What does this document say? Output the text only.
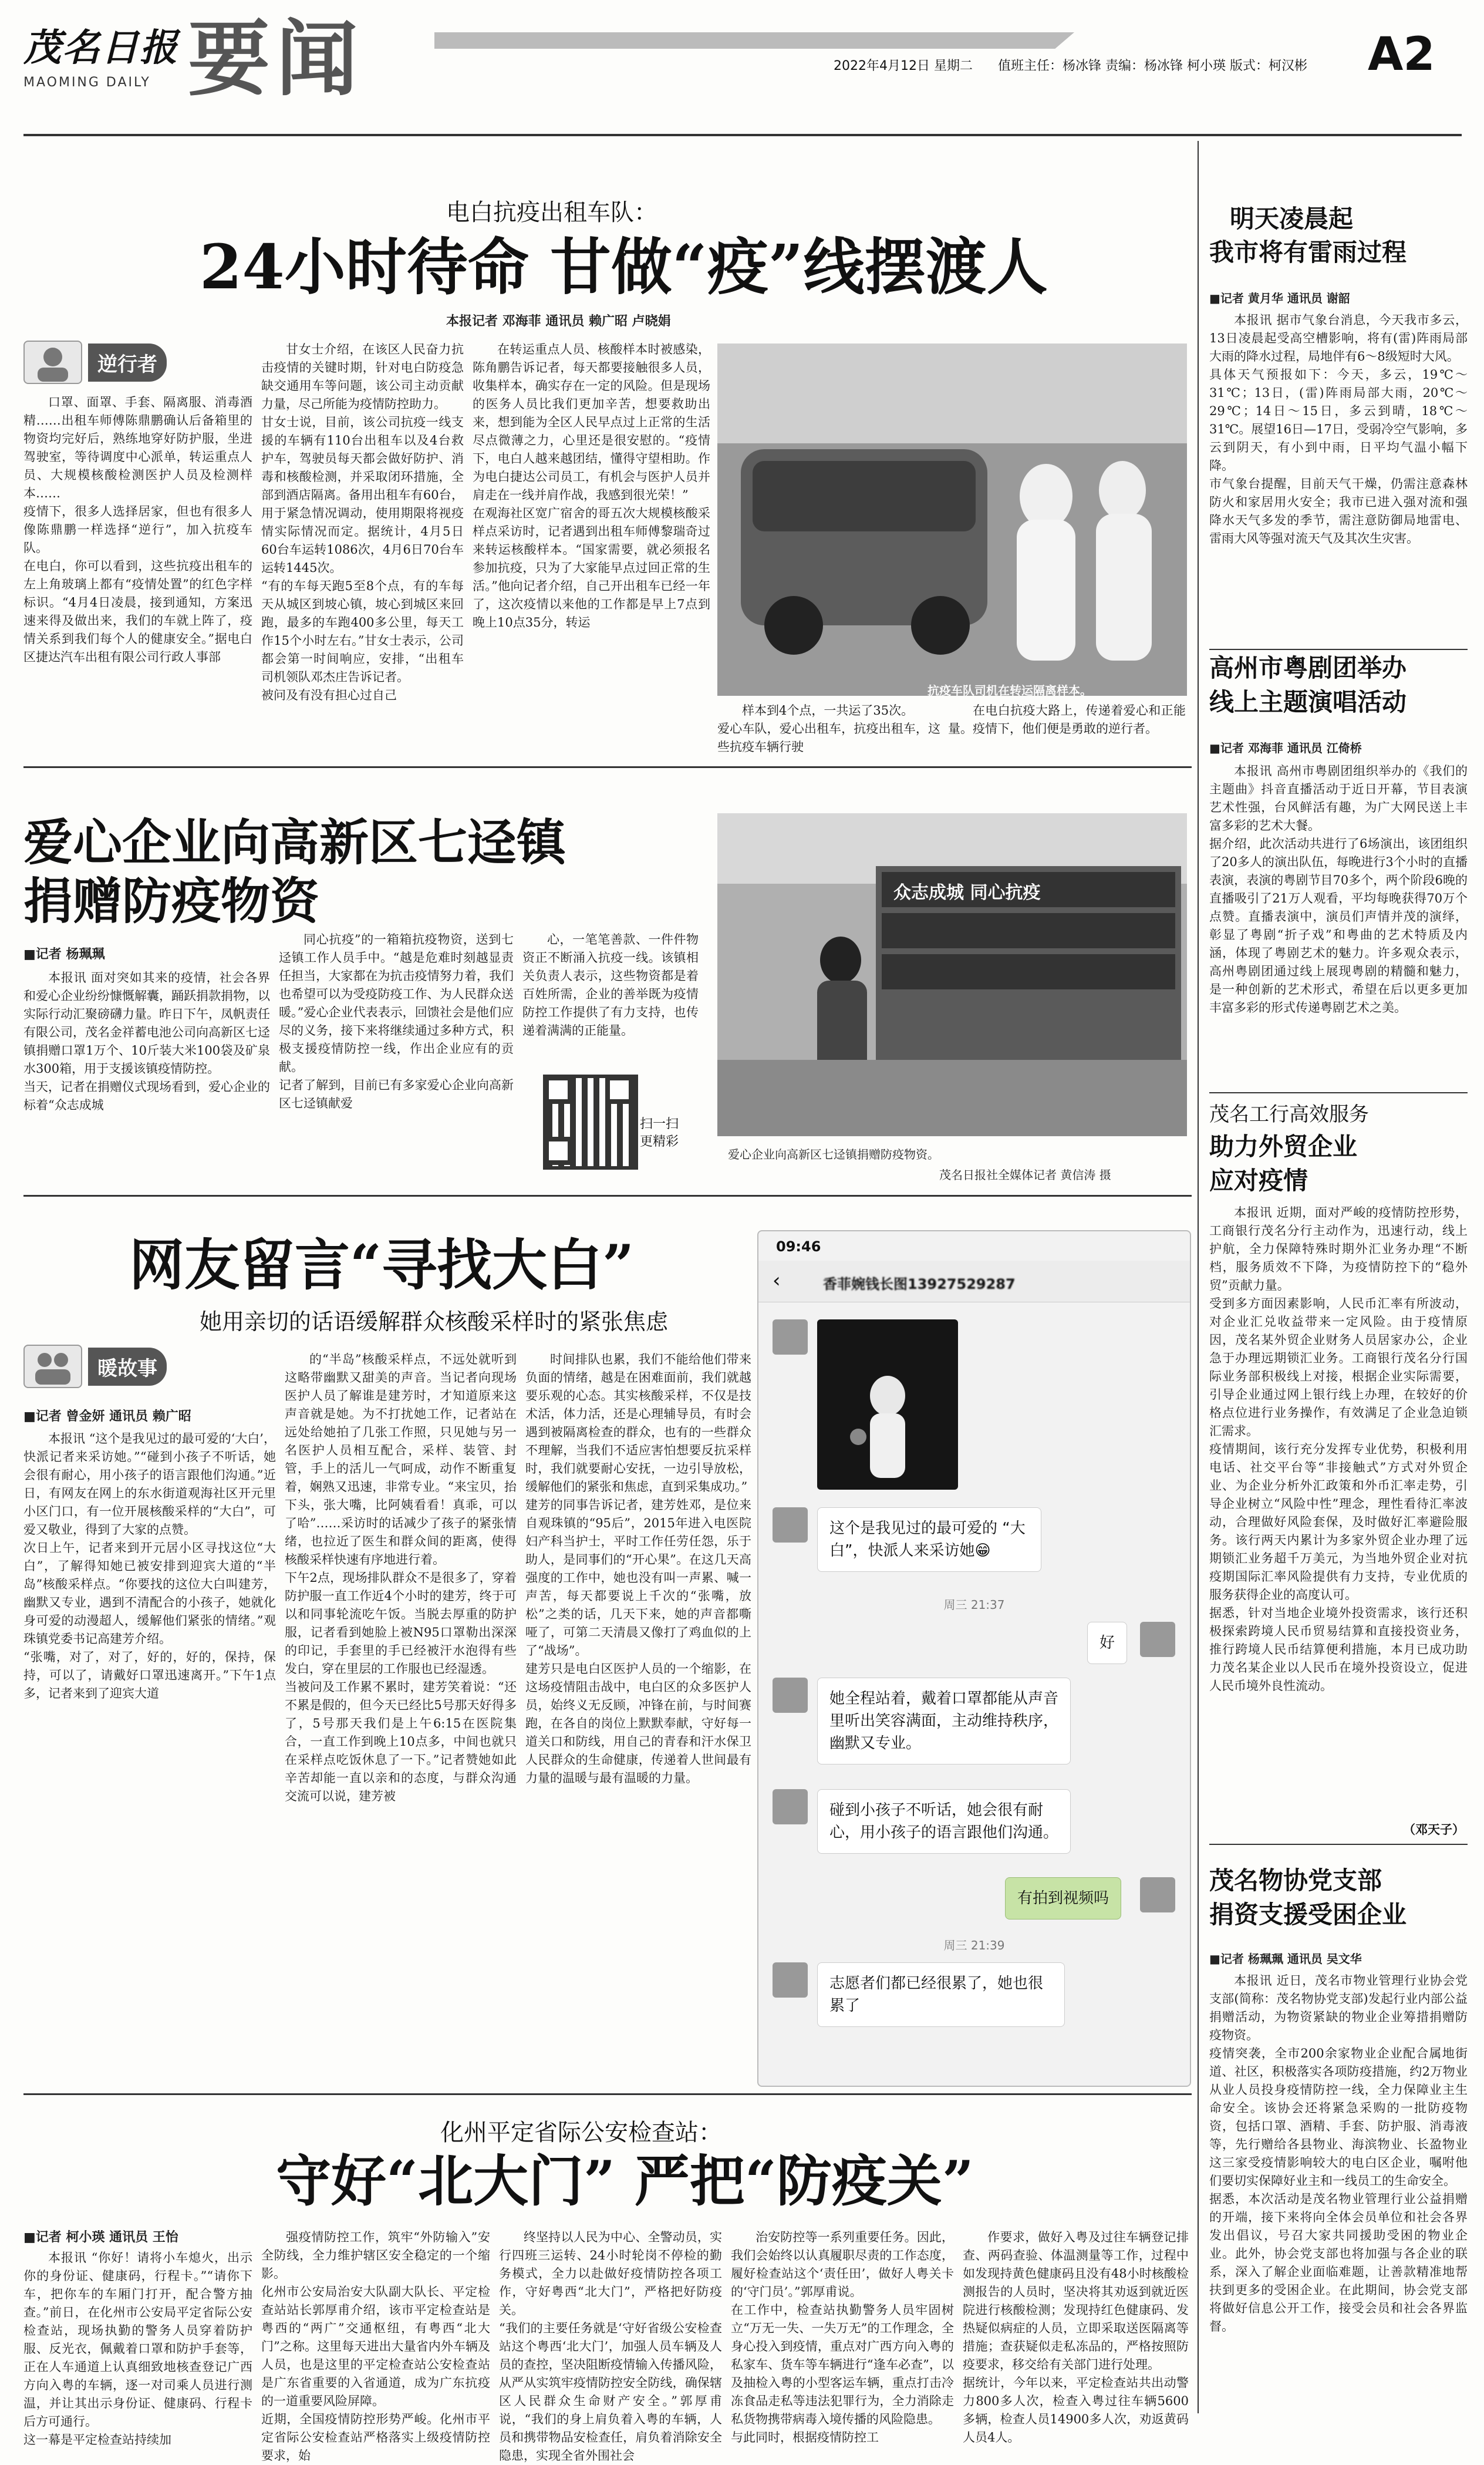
茂名日报
MAOMING DAILY 要闻	2022年4月12日 星期二 值班主任：杨冰锋 责编：杨冰锋 柯小瑛 版式：柯汉彬 A2
电白抗疫出租车队：
24小时待命 甘做“疫”线摆渡人
本报记者 邓海菲 通讯员 赖广昭 卢晓娟
逆行者

口罩、面罩、手套、隔离服、消毒酒精……出租车师傅陈鼎鹏确认后备箱里的物资均完好后，熟练地穿好防护服，坐进驾驶室，等待调度中心派单，转运重点人员、大规模核酸检测医护人员及检测样本……
疫情下，很多人选择居家，但也有很多人像陈鼎鹏一样选择“逆行”，加入抗疫车队。
在电白，你可以看到，这些抗疫出租车的左上角玻璃上都有“疫情处置”的红色字样标识。“4月4日凌晨，接到通知，方案迅速来得及做出来，我们的车就上阵了，疫情关系到我们每个人的健康安全。”据电白区捷达汽车出租有限公司行政人事部

甘女士介绍，在该区人民奋力抗击疫情的关键时期，针对电白防疫急缺交通用车等问题，该公司主动贡献力量，尽己所能为疫情防控助力。
甘女士说，目前，该公司抗疫一线支援的车辆有110台出租车以及4台救护车，驾驶员每天都会做好防护、消毒和核酸检测，并采取闭环措施，全部到酒店隔离。备用出租车有60台，用于紧急情况调动，使用期限将视疫情实际情况而定。据统计，4月5日60台车运转1086次，4月6日70台车运转1445次。
“有的车每天跑5至8个点，有的车每天从城区到坡心镇，坡心到城区来回跑，最多的车跑400多公里，每天工作15个小时左右。”甘女士表示，公司都会第一时间响应，安排，“出租车司机领队邓杰庄告诉记者。
被问及有没有担心过自己

在转运重点人员、核酸样本时被感染，陈角鹏告诉记者，每天都要接触很多人员，收集样本，确实存在一定的风险。但是现场的医务人员比我们更加辛苦，想要救助出来，想到能为全区人民早点过上正常的生活尽点微薄之力，心里还是很安慰的。“疫情下，电白人越来越团结，懂得守望相助。作为电白捷达公司员工，有机会与医护人员并肩走在一线并肩作战，我感到很光荣！”
在观海社区宽广宿舍的哥五次大规模核酸采样点采访时，记者遇到出租车师傅黎瑞奇过来转运核酸样本。“国家需要，就必须报名参加抗疫，只为了大家能早点过回正常的生活。”他向记者介绍，自己开出租车已经一年了，这次疫情以来他的工作都是早上7点到晚上10点35分，转运

抗疫车队司机在转运隔离样本。

样本到4个点，一共运了35次。
爱心车队，爱心出租车，抗疫出租车，这些抗疫车辆行驶

在电白抗疫大路上，传递着爱心和正能量。疫情下，他们便是勇敢的逆行者。

爱心企业向高新区七迳镇
捐赠防疫物资
■记者 杨珮珮

本报讯 面对突如其来的疫情，社会各界和爱心企业纷纷慷慨解囊，踊跃捐款捐物，以实际行动汇聚磅礴力量。昨日下午，凤帆责任有限公司，茂名金祥蓄电池公司向高新区七迳镇捐赠口罩1万个、10斤装大米100袋及矿泉水300箱，用于支援该镇疫情防控。
当天，记者在捐赠仪式现场看到，爱心企业的标着“众志成城

同心抗疫”的一箱箱抗疫物资，送到七迳镇工作人员手中。“越是危难时刻越显责任担当，大家都在为抗击疫情努力着，我们也希望可以为受疫防疫工作、为人民群众送暖。”爱心企业代表表示，回馈社会是他们应尽的义务，接下来将继续通过多种方式，积极支援疫情防控一线，作出企业应有的贡献。
记者了解到，目前已有多家爱心企业向高新区七迳镇献爱

心，一笔笔善款、一件件物资正不断涌入抗疫一线。该镇相关负责人表示，这些物资都是着百姓所需，企业的善举既为疫情防控工作提供了有力支持，也传递着满满的正能量。

扫一扫
更精彩
众志成城 同心抗疫
爱心企业向高新区七迳镇捐赠防疫物资。
茂名日报社全媒体记者 黄信涛 摄
网友留言“寻找大白”
她用亲切的话语缓解群众核酸采样时的紧张焦虑
暖故事
■记者 曾金妍 通讯员 赖广昭

本报讯 “这个是我见过的最可爱的‘大白’，快派记者来采访她。”“碰到小孩子不听话，她会很有耐心，用小孩子的语言跟他们沟通。”近日，有网友在网上的东水街道观海社区开元里小区门口，有一位开展核酸采样的“大白”，可爱又敬业，得到了大家的点赞。
次日上午，记者来到开元居小区寻找这位“大白”，了解得知她已被安排到迎宾大道的“半岛”核酸采样点。“你要找的这位大白叫建芳，幽默又专业，遇到不清配合的小孩子，她就化身可爱的动漫超人，缓解他们紧张的情绪。”观珠镇党委书记高建芳介绍。
“张嘴，对了，对了，好的，好的，保持，保持，可以了，请戴好口罩迅速离开。”下午1点多，记者来到了迎宾大道

的“半岛”核酸采样点，不远处就听到这略带幽默又甜美的声音。当记者向现场医护人员了解谁是建芳时，才知道原来这声音就是她。为不打扰她工作，记者站在远处给她拍了几张工作照，只见她与另一名医护人员相互配合，采样、装管、封管，手上的活儿一气呵成，动作不断重复着，娴熟又迅速，非常专业。“来宝贝，抬下头，张大嘴，比阿姨看看！真乖，可以了哈”……采访时的话减少了孩子的紧张情绪，也拉近了医生和群众间的距离，使得核酸采样快速有序地进行着。
下午2点，现场排队群众不是很多了，穿着防护服一直工作近4个小时的建芳，终于可以和同事轮流吃午饭。当脱去厚重的防护服，记者看到她脸上被N95口罩勒出深深的印记，手套里的手已经被汗水泡得有些发白，穿在里层的工作服也已经湿透。
当被问及工作累不累时，建芳笑着说：“还不累是假的，但今天已经比5号那天好得多了，5号那天我们是上午6:15在医院集合，一直工作到晚上10点多，中间也就只在采样点吃饭休息了一下。”记者赞她如此辛苦却能一直以亲和的态度，与群众沟通交流可以说，建芳被

时间排队也累，我们不能给他们带来负面的情绪，越是在困难面前，我们就越要乐观的心态。其实核酸采样，不仅是技术活，体力活，还是心理辅导员，有时会遇到被隔离检查的群众，也有的一些群众不理解，当我们不适应害怕想要反抗采样时，我们就要耐心安抚，一边引导放松，缓解他们的紧张和焦虑，直到采集成功。”
建芳的同事告诉记者，建芳姓邓，是位来自观珠镇的“95后”，2015年进入电医院妇产科当护士，平时工作任劳任怨，乐于助人，是同事们的“开心果”。在这几天高强度的工作中，她也没有叫一声累、喊一声苦，每天都要说上千次的“张嘴，放松”之类的话，几天下来，她的声音都嘶哑了，可第二天清晨又像打了鸡血似的上了“战场”。
建芳只是电白区医护人员的一个缩影，在这场疫情阻击战中，电白区的众多医护人员，始终义无反顾，冲锋在前，与时间赛跑，在各自的岗位上默默奉献，守好每一道关口和防线，用自己的青春和汗水保卫人民群众的生命健康，传递着人世间最有力量的温暖与最有温暖的力量。

09:46
‹	香菲婉钱长图13927529287
这个是我见过的最可爱的 “大白”，快派人来采访她😁
周三 21:37
好
她全程站着，戴着口罩都能从声音里听出笑容满面，主动维持秩序，幽默又专业。
碰到小孩子不听话，她会很有耐心，用小孩子的语言跟他们沟通。
有拍到视频吗
周三 21:39
志愿者们都已经很累了，她也很累了
化州平定省际公安检查站：
守好“北大门” 严把“防疫关”
■记者 柯小瑛 通讯员 王怡

本报讯 “你好！请将小车熄火，出示你的身份证、健康码，行程卡。”“请你下车，把你车的车厢门打开，配合警方抽查。”前日，在化州市公安局平定省际公安检查站，现场执勤的警务人员穿着防护服、反光衣，佩戴着口罩和防护手套等，正在人车通道上认真细致地核查登记广西方向入粤的车辆，逐一对司乘人员进行测温，并让其出示身份证、健康码、行程卡后方可通行。
这一幕是平定检查站持续加

强疫情防控工作，筑牢“外防输入”安全防线，全力维护辖区安全稳定的一个缩影。
化州市公安局治安大队副大队长、平定检查站站长郭厚甫介绍，该市平定检查站是粤西的“两广”交通枢纽，有粤西“北大门”之称。这里每天进出大量省内外车辆及人员，也是这里的平定检查站公安检查站是广东省重要的入省通道，成为广东抗疫的一道重要风险屏障。
近期，全国疫情防控形势严峻。化州市平定省际公安检查站严格落实上级疫情防控要求，始

终坚持以人民为中心、全警动员，实行四班三运转、24小时轮岗不停检的勤务模式，全力以赴做好疫情防控各项工作，守好粤西“北大门”，严格把好防疫关。
“我们的主要任务就是‘守好省级公安检查站这个粤西‘北大门’，加强人员车辆及人员的查控，坚决阻断疫情输入传播风险，从严从实筑牢疫情防控安全防线，确保辖区人民群众生命财产安全。”郭厚甫说，“我们的身上肩负着入粤的车辆，人员和携带物品安检查任，肩负着消除安全隐患，实现全省外围社会

治安防控等一系列重要任务。因此，我们会始终以认真履职尽责的工作态度，履好检查站这个‘责任田’，做好人粤关卡的‘守门员’。”郭厚甫说。
在工作中，检查站执勤警务人员牢固树立“万无一失、一失万无”的工作理念，全身心投入到疫情，重点对广西方向入粤的私家车、货车等车辆进行“逢车必查”，以及抽检入粤的小型客运车辆，重点打击冷冻食品走私等违法犯罪行为，全力消除走私货物携带病毒入境传播的风险隐患。
与此同时，根据疫情防控工

作要求，做好入粤及过往车辆登记排查、两码查验、体温测量等工作，过程中如发现持黄色健康码且没有48小时核酸检测报告的人员时，坚决将其劝返到就近医院进行核酸检测；发现持红色健康码、发热疑似病症的人员，立即采取送医隔离等措施；查获疑似走私冻品的，严格按照防疫要求，移交给有关部门进行处理。
据统计，今年以来，平定检查站共出动警力800多人次，检查入粤过往车辆5600多辆，检查人员14900多人次，劝返黄码人员4人。

明天凌晨起
我市将有雷雨过程
■记者 黄月华 通讯员 谢韶

本报讯 据市气象台消息，今天我市多云，13日凌晨起受高空槽影响，将有(雷)阵雨局部大雨的降水过程，局地伴有6～8级短时大风。
具体天气预报如下：今天，多云，19℃～31℃；13日，(雷)阵雨局部大雨，20℃～29℃；14日～15日，多云到晴，18℃～31℃。展望16日—17日，受弱冷空气影响，多云到阴天，有小到中雨，日平均气温小幅下降。
市气象台提醒，目前天气干燥，仍需注意森林防火和家居用火安全；我市已进入强对流和强降水天气多发的季节，需注意防御局地雷电、雷雨大风等强对流天气及其次生灾害。

高州市粤剧团举办
线上主题演唱活动
■记者 邓海菲 通讯员 江倚桥

本报讯 高州市粤剧团组织举办的《我们的主题曲》抖音直播活动于近日开幕，节目表演艺术性强，台风鲜活有趣，为广大网民送上丰富多彩的艺术大餐。
据介绍，此次活动共进行了6场演出，该团组织了20多人的演出队伍，每晚进行3个小时的直播表演，表演的粤剧节目70多个，两个阶段6晚的直播吸引了21万人观看，平均每晚获得70万个点赞。直播表演中，演员们声情并茂的演绎，彰显了粤剧“折子戏”和粤曲的艺术特质及内涵，体现了粤剧艺术的魅力。许多观众表示，高州粤剧团通过线上展现粤剧的精髓和魅力，是一种创新的艺术形式，希望在后以更多更加丰富多彩的形式传递粤剧艺术之美。

茂名工行高效服务
助力外贸企业
应对疫情

本报讯 近期，面对严峻的疫情防控形势，工商银行茂名分行主动作为，迅速行动，线上护航，全力保障特殊时期外汇业务办理“不断档，服务质效不下降，为疫情防控下的“稳外贸”贡献力量。
受到多方面因素影响，人民币汇率有所波动，对企业汇兑收益带来一定风险。由于疫情原因，茂名某外贸企业财务人员居家办公，企业急于办理远期锁汇业务。工商银行茂名分行国际业务部积极线上对接，根据企业实际需要，引导企业通过网上银行线上办理，在较好的价格点位进行业务操作，有效满足了企业急迫锁汇需求。
疫情期间，该行充分发挥专业优势，积极利用电话、社交平台等“非接触式”方式对外贸企业、为企业分析外汇政策和外币汇率走势，引导企业树立“风险中性”理念，理性看待汇率波动，合理做好风险套保，及时做好汇率避险服务。该行两天内累计为多家外贸企业办理了远期锁汇业务超千万美元，为当地外贸企业对抗疫期国际汇率风险提供有力支持，专业优质的服务获得企业的高度认可。
据悉，针对当地企业境外投资需求，该行还积极探索跨境人民币贸易结算和直接投资业务，推行跨境人民币结算便利措施，本月已成功助力茂名某企业以人民币在境外投资设立，促进人民币境外良性流动。

（邓天子）
茂名物协党支部
捐资支援受困企业
■记者 杨珮珮 通讯员 吴文华

本报讯 近日，茂名市物业管理行业协会党支部(简称：茂名物协党支部)发起行业内部公益捐赠活动，为物资紧缺的物业企业筹措捐赠防疫物资。
疫情突袭，全市200余家物业企业配合属地街道、社区，积极落实各项防疫措施，约2万物业从业人员投身疫情防控一线，全力保障业主生命安全。该协会还将紧急采购的一批防疫物资，包括口罩、酒精、手套、防护服、消毒液等，先行赠给各县物业、海滨物业、长盈物业这三家受疫情影响较大的电白区企业，嘱咐他们要切实保障好业主和一线员工的生命安全。
据悉，本次活动是茂名物业管理行业公益捐赠的开端，接下来将向全体会员单位和社会各界发出倡议，号召大家共同援助受困的物业企业。此外，协会党支部也将加强与各企业的联系，深入了解企业面临难题，让善款精准地帮扶到更多的受困企业。在此期间，协会党支部将做好信息公开工作，接受会员和社会各界监督。
